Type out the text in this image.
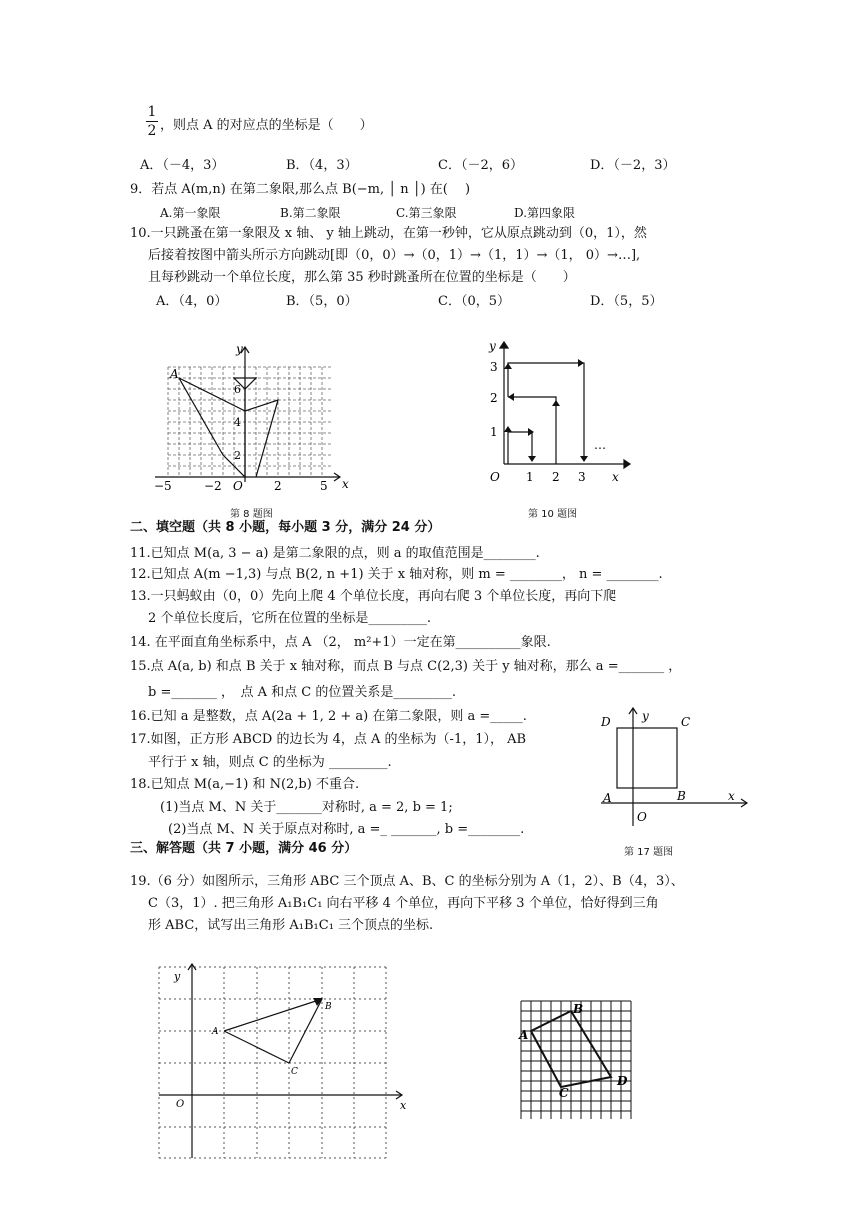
1
2 ，则点 A 的对应点的坐标是（　　）
A．（－4，3）	B．（4，3）	C．（－2，6）	D．（－2，3）
9．若点 A(m,n) 在第二象限,那么点 B(−m, │ n │) 在(　 )
A.第一象限	B.第二象限	C.第三象限	D.第四象限
10.一只跳蚤在第一象限及 x 轴、 y 轴上跳动，在第一秒钟，它从原点跳动到（0，1），然
后接着按图中箭头所示方向跳动[即（0，0）→（0，1）→（1，1）→（1， 0）→…],
且每秒跳动一个单位长度，那么第 35 秒时跳蚤所在位置的坐标是（　　）
A．（4，0）	B．（5，0）	C．（0，5）	D．（5，5）
A
y
x
6
4
2
O
−5	−2	2	5
第 8 题图
y
3
2
1
O 1 2 3 x
…
第 10 题图
二、填空题（共 8 小题，每小题 3 分，满分 24 分）
11.已知点 M(a, 3 − a) 是第二象限的点，则 a 的取值范围是________.
12.已知点 A(m −1,3) 与点 B(2, n +1) 关于 x 轴对称，则 m = ________， n = ________.
13.一只蚂蚁由（0，0）先向上爬 4 个单位长度，再向右爬 3 个单位长度，再向下爬
2 个单位长度后，它所在位置的坐标是_________.
14. 在平面直角坐标系中，点 A （2， m²+1）一定在第__________象限.
15.点 A(a, b) 和点 B 关于 x 轴对称，而点 B 与点 C(2,3) 关于 y 轴对称，那么 a =_______ ，
b =_______ ，　点 A 和点 C 的位置关系是_________.
16.已知 a 是整数，点 A(2a + 1, 2 + a) 在第二象限，则 a =_____.
17.如图，正方形 ABCD 的边长为 4，点 A 的坐标为（-1，1）， AB
平行于 x 轴，则点 C 的坐标为 _________.
18.已知点 M(a,−1) 和 N(2,b) 不重合.
(1)当点 M、N 关于_______对称时, a = 2, b = 1;
(2)当点 M、N 关于原点对称时, a =_ _______, b =________.
D	C
A	B
O
y
x
第 17 题图
三、解答题（共 7 小题，满分 46 分）
19.（6 分）如图所示，三角形 ABC 三个顶点 A、B、C 的坐标分别为 A（1，2）、B（4，3）、
C（3，1）. 把三角形 A₁B₁C₁ 向右平移 4 个单位，再向下平移 3 个单位，恰好得到三角
形 ABC，试写出三角形 A₁B₁C₁ 三个顶点的坐标.
y
x
O
A
B
C
B
A
C
D
